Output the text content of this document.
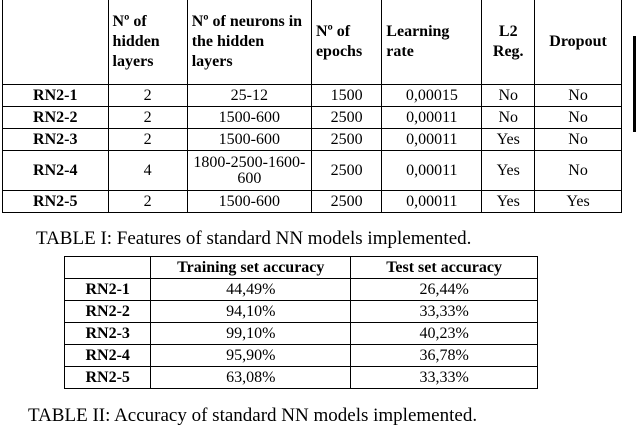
	Nº of hidden layers	Nº of neurons in the hidden layers	Nº of epochs	Learning rate	L2 Reg.	Dropout
RN2-1	2	25-12	1500	0,00015	No	No
RN2-2	2	1500-600	2500	0,00011	No	No
RN2-3	2	1500-600	2500	0,00011	Yes	No
RN2-4	4	1800-2500-1600-600	2500	0,00011	Yes	No
RN2-5	2	1500-600	2500	0,00011	Yes	Yes
TABLE I: Features of standard NN models implemented.
	Training set accuracy	Test set accuracy
RN2-1	44,49%	26,44%
RN2-2	94,10%	33,33%
RN2-3	99,10%	40,23%
RN2-4	95,90%	36,78%
RN2-5	63,08%	33,33%
TABLE II: Accuracy of standard NN models implemented.
